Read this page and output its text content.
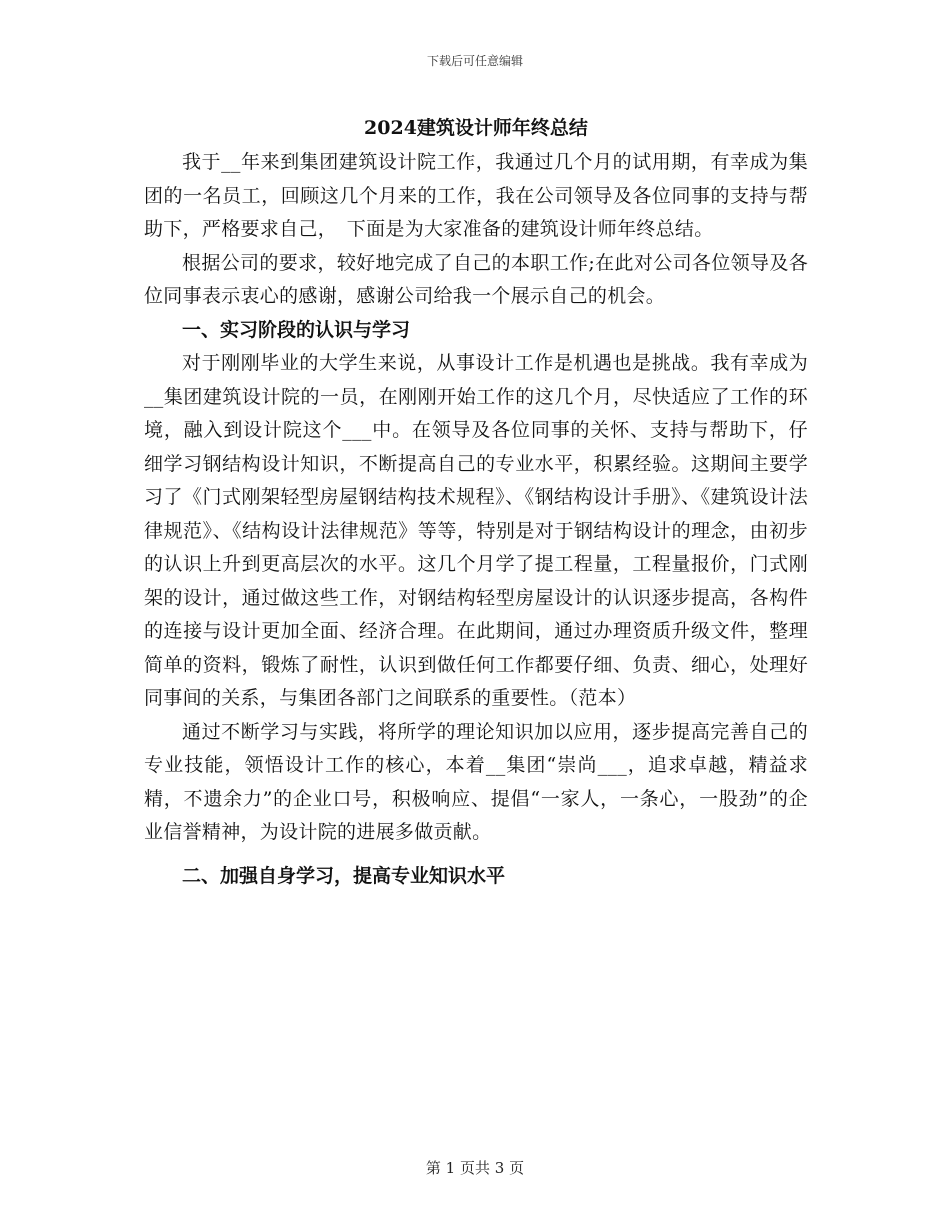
下载后可任意编辑
2024建筑设计师年终总结

我于__年来到集团建筑设计院工作，我通过几个月的试用期，有幸成为集团的一名员工，回顾这几个月来的工作，我在公司领导及各位同事的支持与帮助下，严格要求自己，　下面是为大家准备的建筑设计师年终总结。

根据公司的要求，较好地完成了自己的本职工作;在此对公司各位领导及各位同事表示衷心的感谢，感谢公司给我一个展示自己的机会。

一、实习阶段的认识与学习

对于刚刚毕业的大学生来说，从事设计工作是机遇也是挑战。我有幸成为__集团建筑设计院的一员，在刚刚开始工作的这几个月，尽快适应了工作的环境，融入到设计院这个___中。在领导及各位同事的关怀、支持与帮助下，仔细学习钢结构设计知识，不断提高自己的专业水平，积累经验。这期间主要学习了《门式刚架轻型房屋钢结构技术规程》、《钢结构设计手册》、《建筑设计法律规范》、《结构设计法律规范》等等，特别是对于钢结构设计的理念，由初步的认识上升到更高层次的水平。这几个月学了提工程量，工程量报价，门式刚架的设计，通过做这些工作，对钢结构轻型房屋设计的认识逐步提高，各构件的连接与设计更加全面、经济合理。在此期间，通过办理资质升级文件，整理简单的资料，锻炼了耐性，认识到做任何工作都要仔细、负责、细心，处理好同事间的关系，与集团各部门之间联系的重要性。（范本）

通过不断学习与实践，将所学的理论知识加以应用，逐步提高完善自己的专业技能，领悟设计工作的核心，本着__集团“崇尚___，追求卓越，精益求精，不遗余力”的企业口号，积极响应、提倡“一家人，一条心，一股劲”的企业信誉精神，为设计院的进展多做贡献。

二、加强自身学习，提高专业知识水平

第 1 页共 3 页
